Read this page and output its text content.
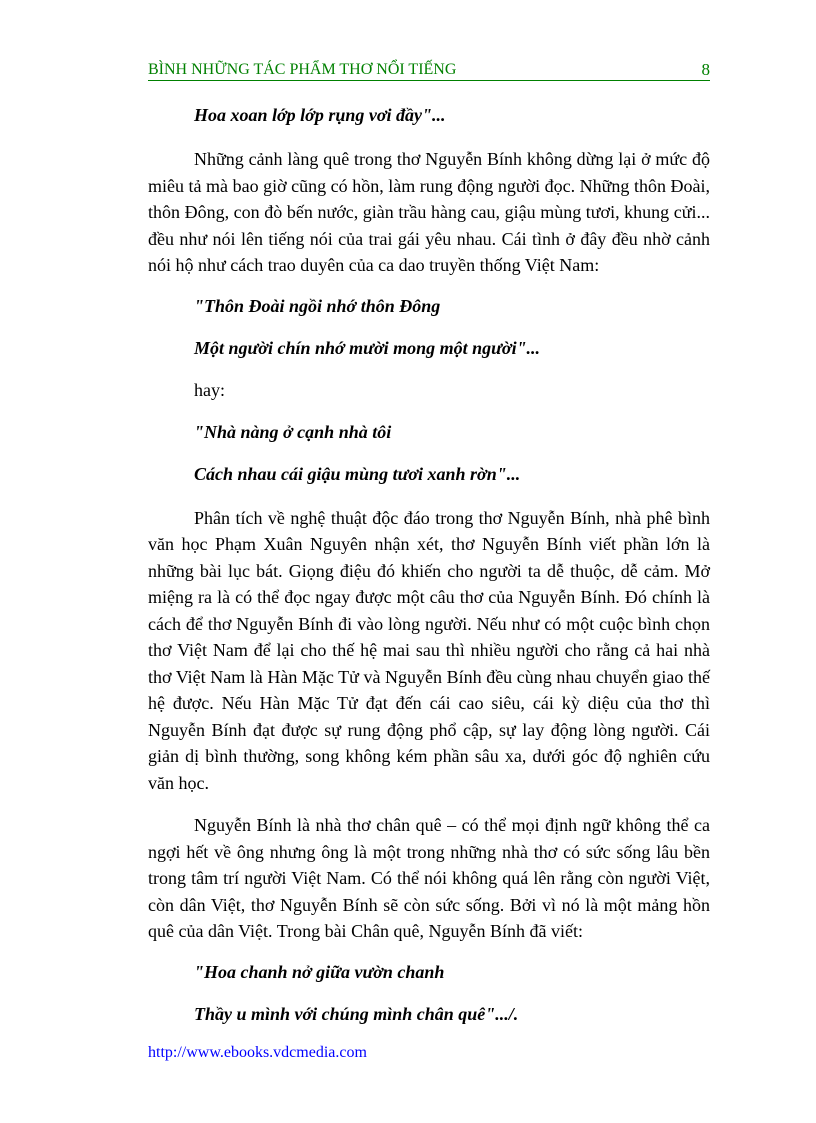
BÌNH NHỮNG TÁC PHẨM THƠ NỔI TIẾNG	8

Hoa xoan lớp lớp rụng vơi đầy"...

Những cảnh làng quê trong thơ Nguyễn Bính không dừng lại ở mức độ miêu tả mà bao giờ cũng có hồn, làm rung động người đọc. Những thôn Đoài, thôn Đông, con đò bến nước, giàn trầu hàng cau, giậu mùng tươi, khung cửi... đều như nói lên tiếng nói của trai gái yêu nhau. Cái tình ở đây đều nhờ cảnh nói hộ như cách trao duyên của ca dao truyền thống Việt Nam:

"Thôn Đoài ngồi nhớ thôn Đông

Một người chín nhớ mười mong một người"...

hay:

"Nhà nàng ở cạnh nhà tôi

Cách nhau cái giậu mùng tươi xanh rờn"...

Phân tích về nghệ thuật độc đáo trong thơ Nguyễn Bính, nhà phê bình văn học Phạm Xuân Nguyên nhận xét, thơ Nguyễn Bính viết phần lớn là những bài lục bát. Giọng điệu đó khiến cho người ta dễ thuộc, dễ cảm. Mở miệng ra là có thể đọc ngay được một câu thơ của Nguyễn Bính. Đó chính là cách để thơ Nguyễn Bính đi vào lòng người. Nếu như có một cuộc bình chọn thơ Việt Nam để lại cho thế hệ mai sau thì nhiều người cho rằng cả hai nhà thơ Việt Nam là Hàn Mặc Tử và Nguyễn Bính đều cùng nhau chuyển giao thế hệ được. Nếu Hàn Mặc Tử đạt đến cái cao siêu, cái kỳ diệu của thơ thì Nguyễn Bính đạt được sự rung động phổ cập, sự lay động lòng người. Cái giản dị bình thường, song không kém phần sâu xa, dưới góc độ nghiên cứu văn học.

Nguyễn Bính là nhà thơ chân quê – có thể mọi định ngữ không thể ca ngợi hết về ông nhưng ông là một trong những nhà thơ có sức sống lâu bền trong tâm trí người Việt Nam. Có thể nói không quá lên rằng còn người Việt, còn dân Việt, thơ Nguyễn Bính sẽ còn sức sống. Bởi vì nó là một mảng hồn quê của dân Việt. Trong bài Chân quê, Nguyễn Bính đã viết:

"Hoa chanh nở giữa vườn chanh

Thầy u mình với chúng mình chân quê".../.

http://www.ebooks.vdcmedia.com
